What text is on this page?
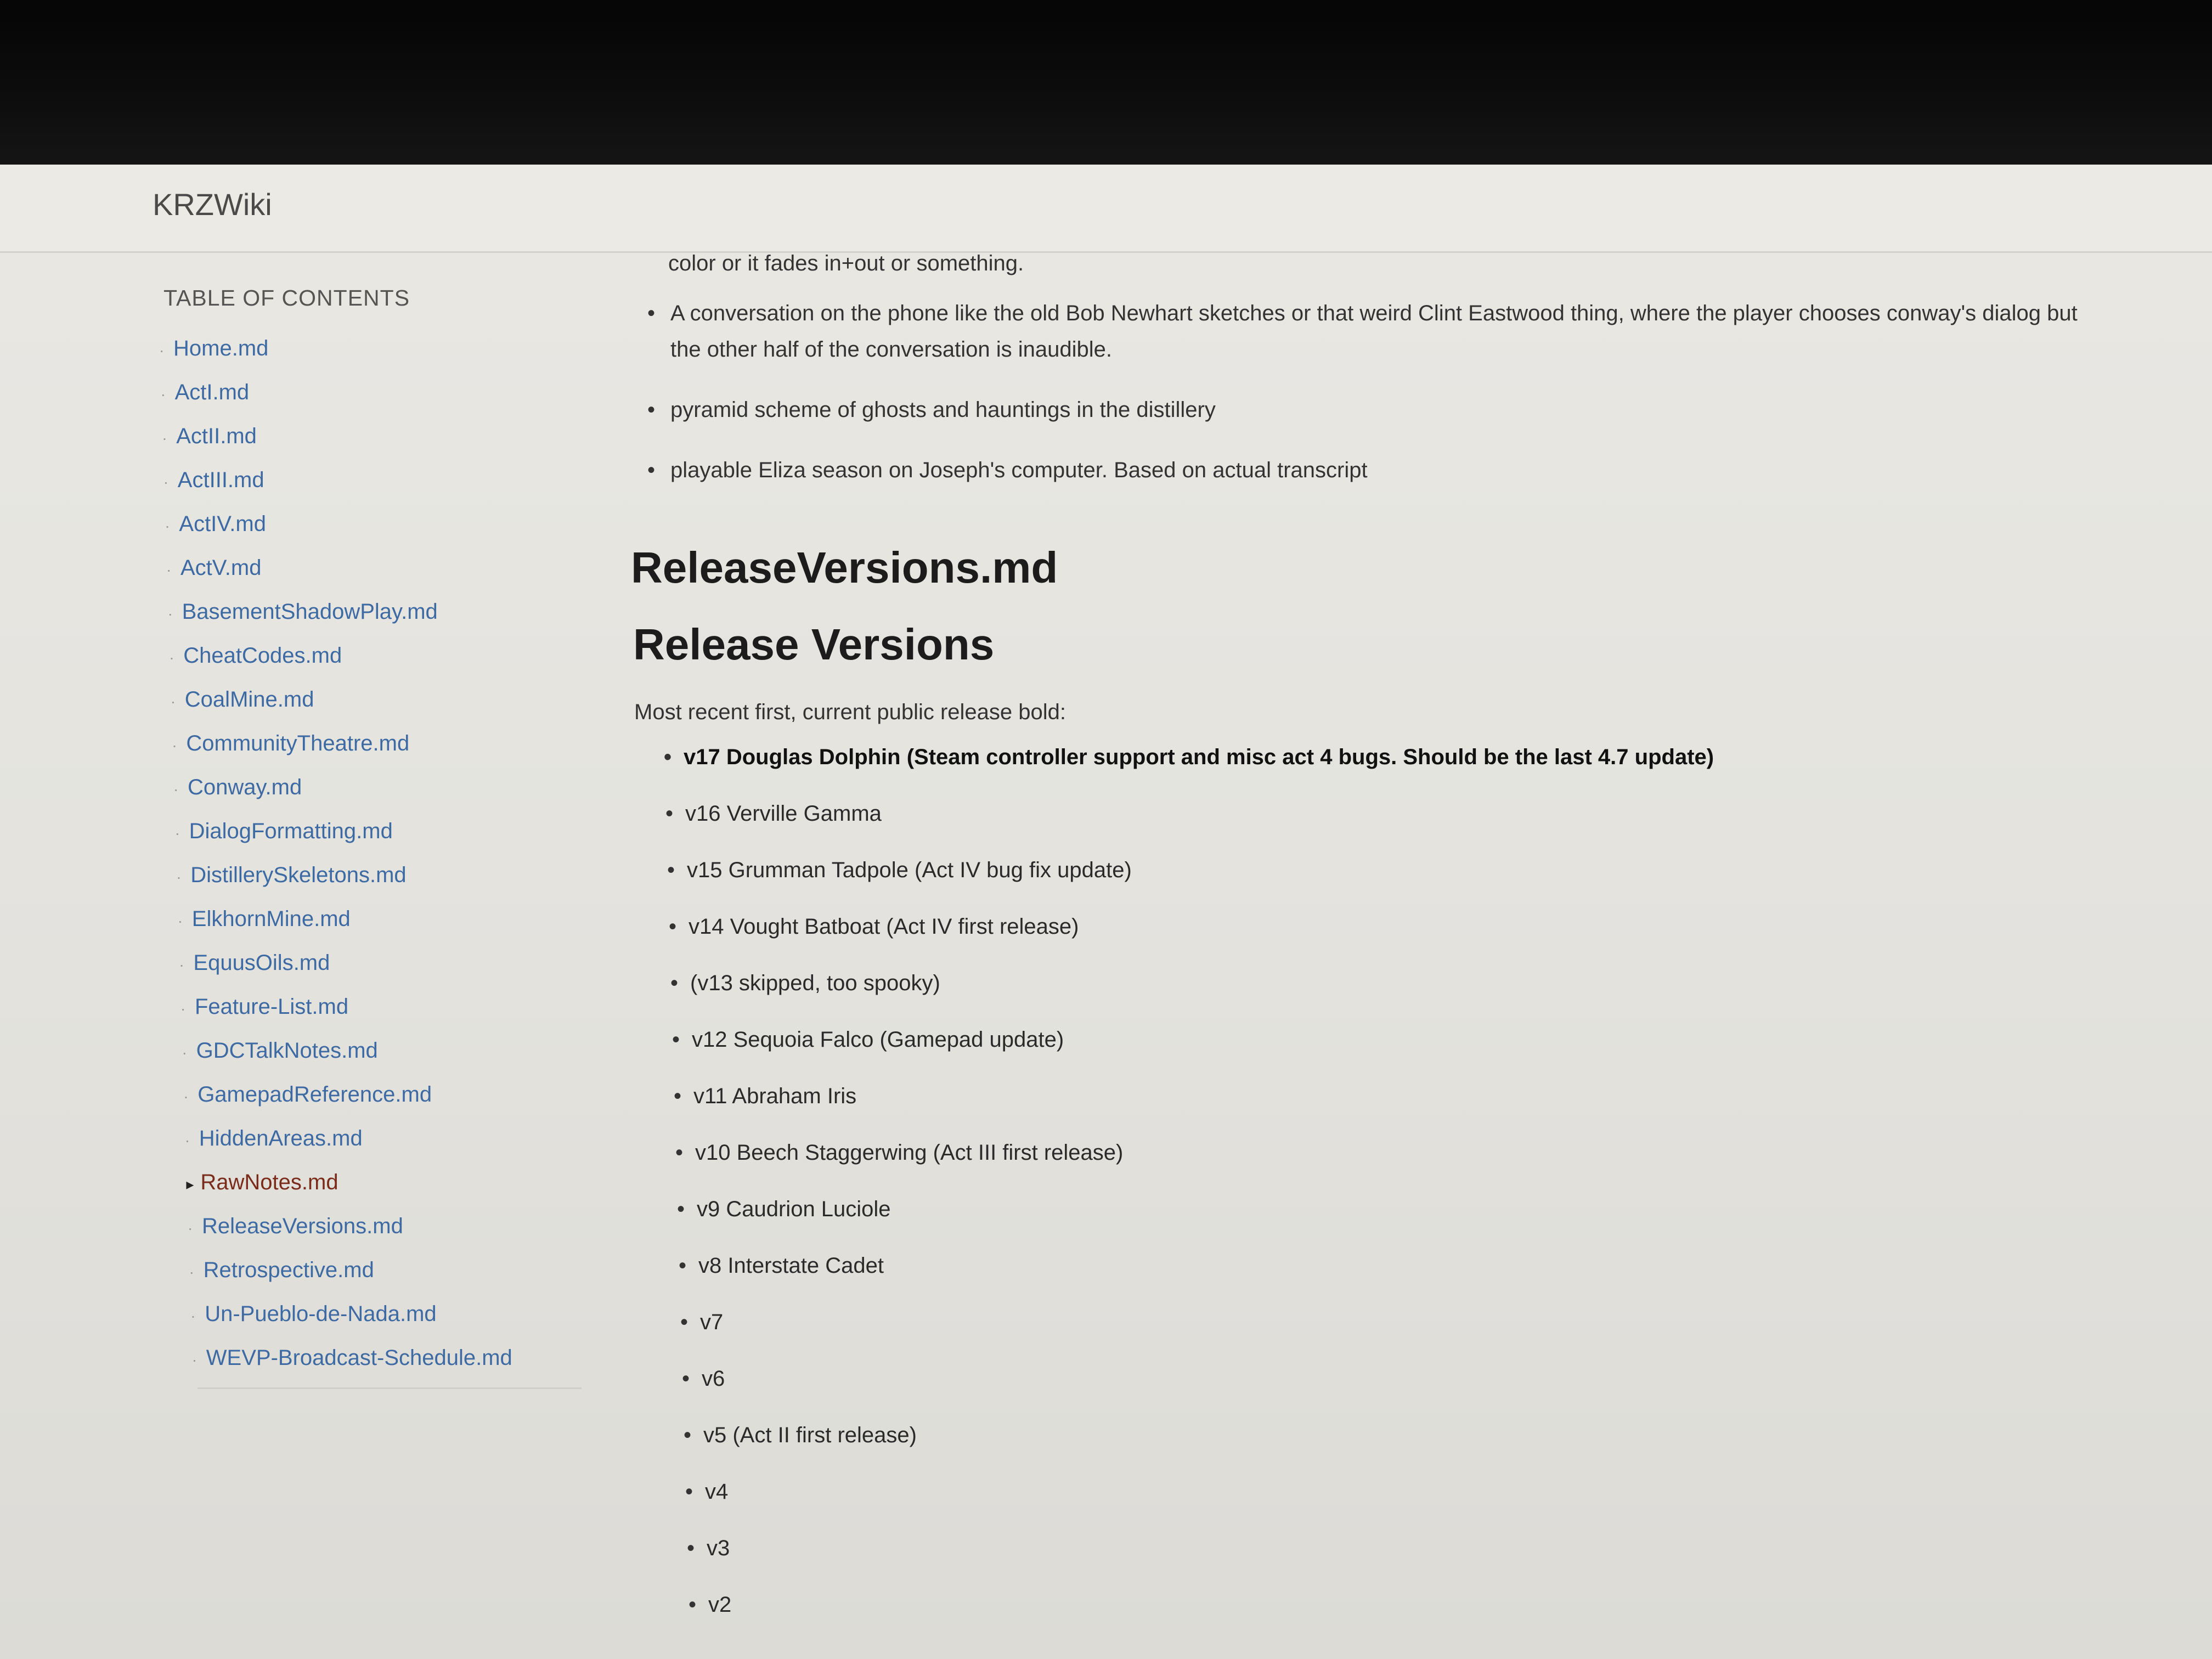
KRZWiki
TABLE OF CONTENTS
· Home.md
· ActI.md
· ActII.md
· ActIII.md
· ActIV.md
· ActV.md
· BasementShadowPlay.md
· CheatCodes.md
· CoalMine.md
· CommunityTheatre.md
· Conway.md
· DialogFormatting.md
· DistillerySkeletons.md
· ElkhornMine.md
· EquusOils.md
· Feature-List.md
· GDCTalkNotes.md
· GamepadReference.md
· HiddenAreas.md
▸ RawNotes.md
· ReleaseVersions.md
· Retrospective.md
· Un-Pueblo-de-Nada.md
· WEVP-Broadcast-Schedule.md
color or it fades in+out or something.
• A conversation on the phone like the old Bob Newhart sketches or that weird Clint Eastwood thing, where the player chooses conway's dialog but the other half of the conversation is inaudible.
• pyramid scheme of ghosts and hauntings in the distillery
• playable Eliza season on Joseph's computer. Based on actual transcript
ReleaseVersions.md
Release Versions

Most recent first, current public release bold:

• v17 Douglas Dolphin (Steam controller support and misc act 4 bugs. Should be the last 4.7 update)
• v16 Verville Gamma
• v15 Grumman Tadpole (Act IV bug fix update)
• v14 Vought Batboat (Act IV first release)
• (v13 skipped, too spooky)
• v12 Sequoia Falco (Gamepad update)
• v11 Abraham Iris
• v10 Beech Staggerwing (Act III first release)
• v9 Caudrion Luciole
• v8 Interstate Cadet
• v7
• v6
• v5 (Act II first release)
• v4
• v3
• v2
